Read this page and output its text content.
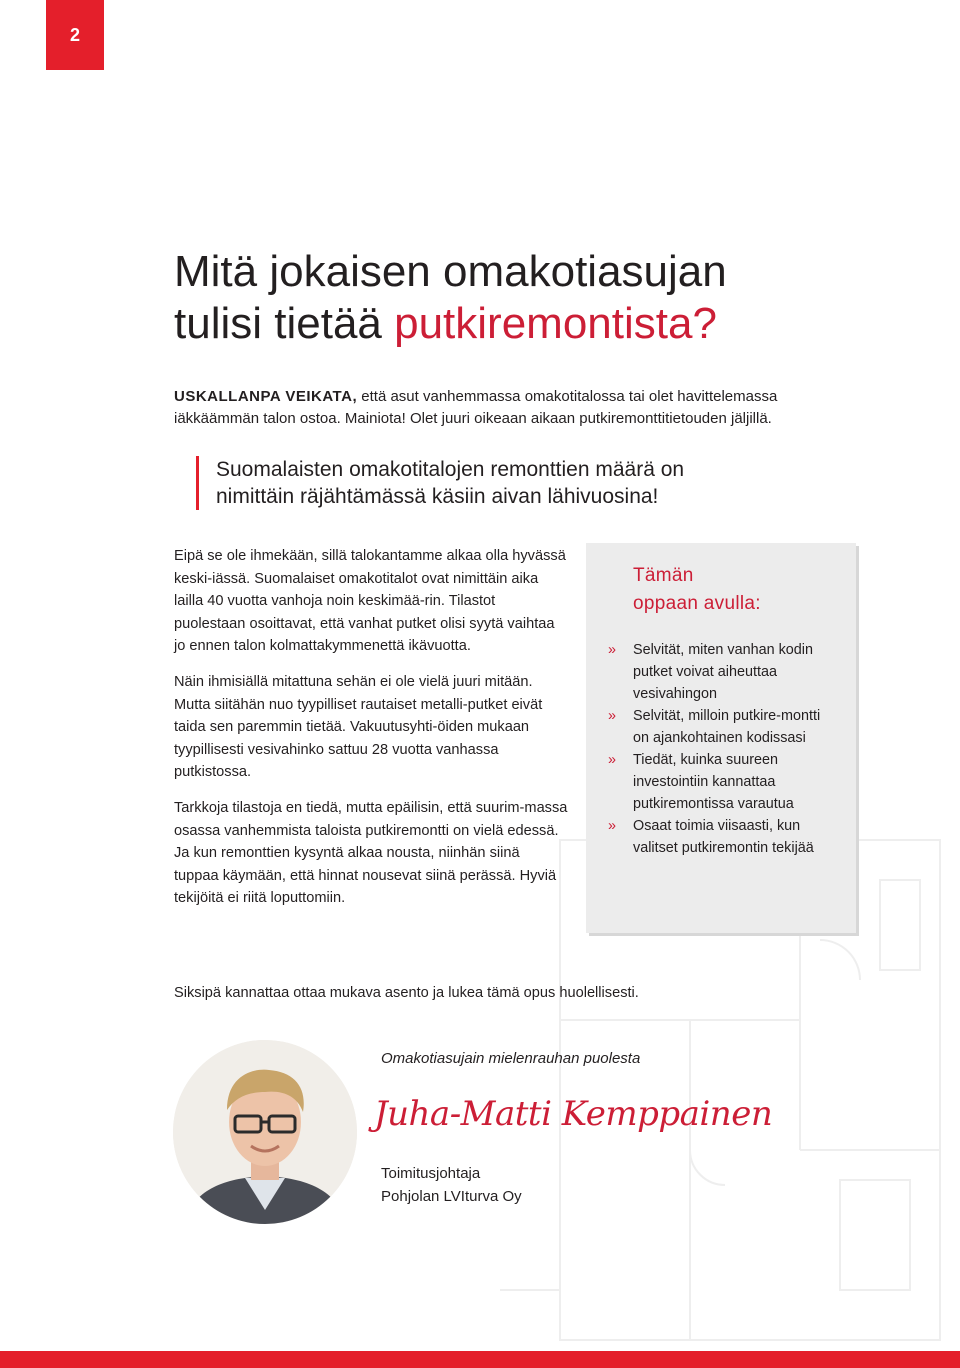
2
Mitä jokaisen omakotiasujan
tulisi tietää putkiremontista?

USKALLANPA VEIKATA, että asut vanhemmassa omakotitalossa tai olet havittelemassa
iäkkäämmän talon ostoa. Mainiota! Olet juuri oikeaan aikaan putkiremonttitietouden jäljillä.

Suomalaisten omakotitalojen remonttien määrä on
nimittäin räjähtämässä käsiin aivan lähivuosina!

Eipä se ole ihmekään, sillä talokantamme alkaa olla hyvässä keski-iässä. Suomalaiset omakotitalot ovat nimittäin aika lailla 40 vuotta vanhoja noin keskimää-rin. Tilastot puolestaan osoittavat, että vanhat putket olisi syytä vaihtaa jo ennen talon kolmattakymmenettä ikävuotta.

Näin ihmisiällä mitattuna sehän ei ole vielä juuri mitään. Mutta siitähän nuo tyypilliset rautaiset metalli-putket eivät taida sen paremmin tietää. Vakuutusyhti-öiden mukaan tyypillisesti vesivahinko sattuu 28 vuotta vanhassa putkistossa.

Tarkkoja tilastoja en tiedä, mutta epäilisin, että suurim-massa osassa vanhemmista taloista putkiremontti on vielä edessä. Ja kun remonttien kysyntä alkaa nousta, niinhän siinä tuppaa käymään, että hinnat nousevat siinä perässä. Hyviä tekijöitä ei riitä loputtomiin.

Siksipä kannattaa ottaa mukava asento ja lukea tämä opus huolellisesti.

Tämän
oppaan avulla:
» Selvität, miten vanhan kodin putket voivat aiheuttaa vesivahingon
» Selvität, milloin putkire-montti on ajankohtainen kodissasi
» Tiedät, kuinka suureen investointiin kannattaa putkiremontissa varautua
» Osaat toimia viisaasti, kun valitset putkiremontin tekijää

Omakotiasujain mielenrauhan puolesta

Juha-Matti Kemppainen

Toimitusjohtaja

Pohjolan LVIturva Oy
